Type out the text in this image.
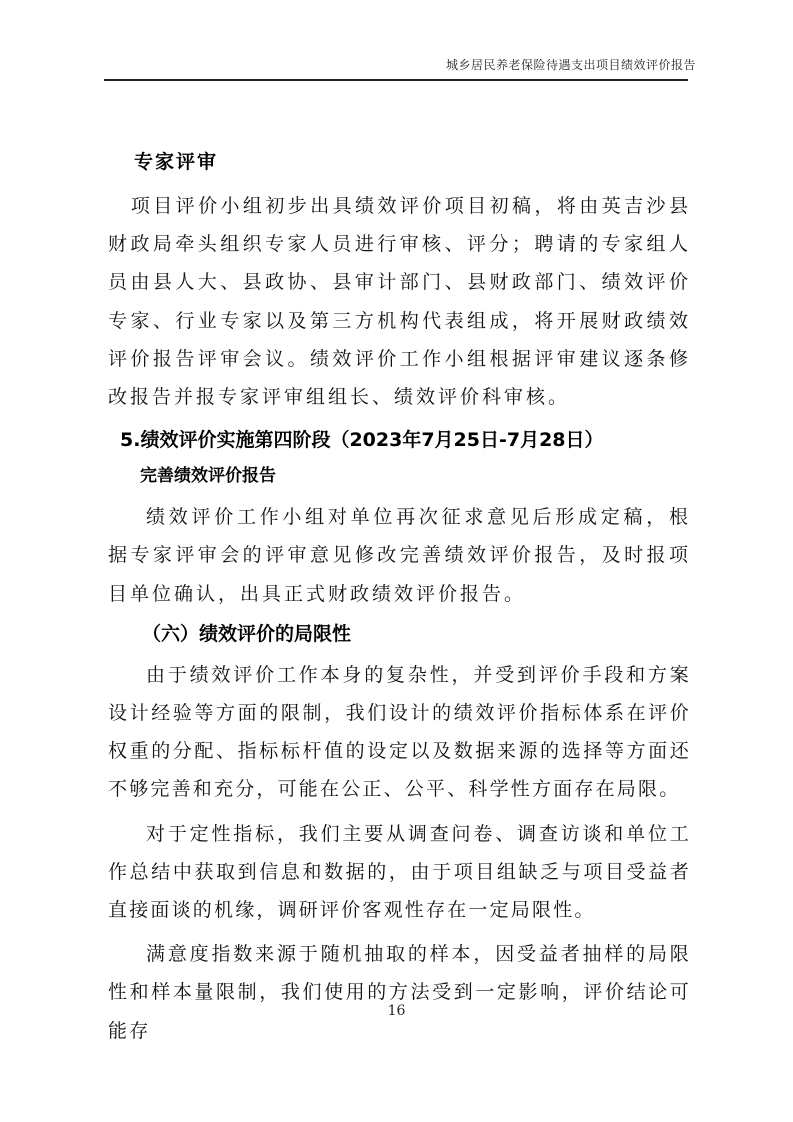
城乡居民养老保险待遇支出项目绩效评价报告

专家评审

项目评价小组初步出具绩效评价项目初稿，将由英吉沙县财政局牵头组织专家人员进行审核、评分；聘请的专家组人员由县人大、县政协、县审计部门、县财政部门、绩效评价专家、行业专家以及第三方机构代表组成，将开展财政绩效评价报告评审会议。绩效评价工作小组根据评审建议逐条修改报告并报专家评审组组长、绩效评价科审核。

5.绩效评价实施第四阶段（2023年7月25日-7月28日）

完善绩效评价报告

绩效评价工作小组对单位再次征求意见后形成定稿，根据专家评审会的评审意见修改完善绩效评价报告，及时报项目单位确认，出具正式财政绩效评价报告。

（六）绩效评价的局限性

由于绩效评价工作本身的复杂性，并受到评价手段和方案设计经验等方面的限制，我们设计的绩效评价指标体系在评价权重的分配、指标标杆值的设定以及数据来源的选择等方面还不够完善和充分，可能在公正、公平、科学性方面存在局限。

对于定性指标，我们主要从调查问卷、调查访谈和单位工作总结中获取到信息和数据的，由于项目组缺乏与项目受益者直接面谈的机缘，调研评价客观性存在一定局限性。

满意度指数来源于随机抽取的样本，因受益者抽样的局限性和样本量限制，我们使用的方法受到一定影响，评价结论可能存

16
